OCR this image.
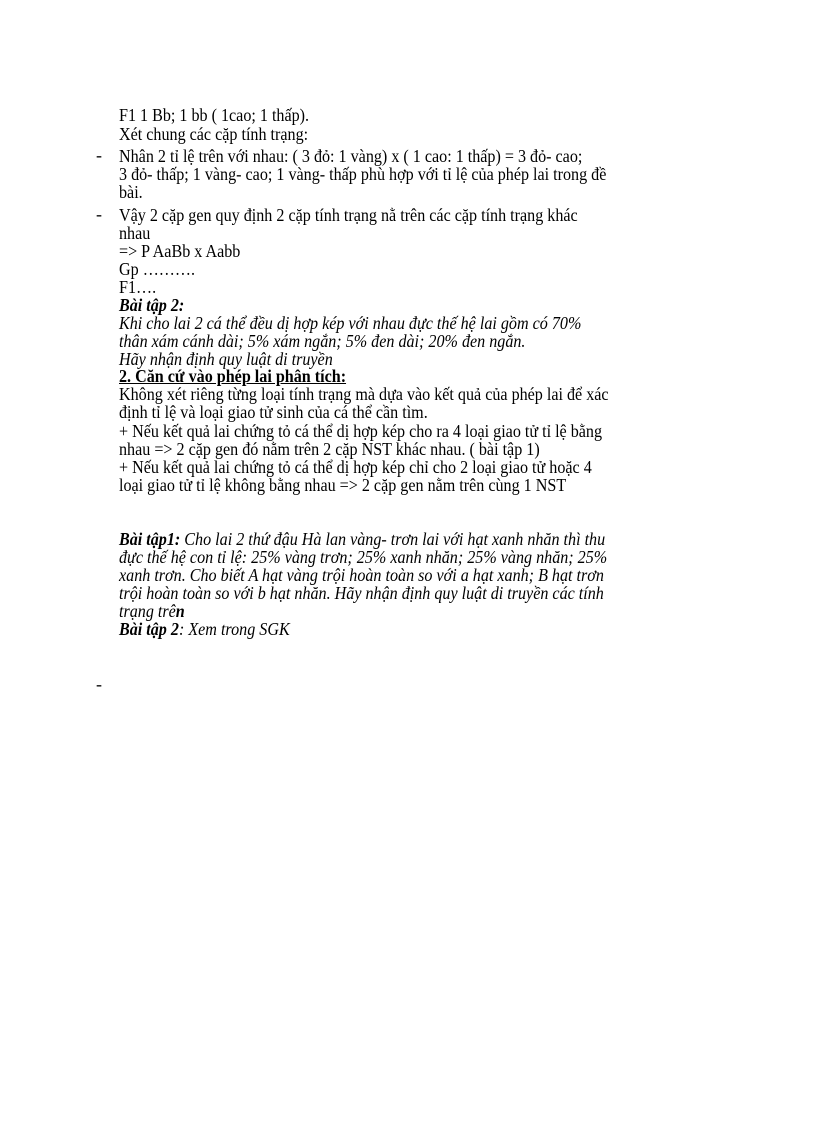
F1 1 Bb; 1 bb ( 1cao; 1 thấp).
Xét chung các cặp tính trạng:
- Nhân 2 tỉ lệ trên với nhau: ( 3 đỏ: 1 vàng) x ( 1 cao: 1 thấp) = 3 đỏ- cao;
3 đỏ- thấp; 1 vàng- cao; 1 vàng- thấp phù hợp với tỉ lệ của phép lai trong đề
bài.
- Vậy 2 cặp gen quy định 2 cặp tính trạng nằ trên các cặp tính trạng khác
nhau
=> P AaBb x Aabb
Gp ……….
F1….
Bài tập 2:
Khi cho lai 2 cá thể đều dị hợp kép với nhau đực thế hệ lai gồm có 70%
thân xám cánh dài; 5% xám ngắn; 5% đen dài; 20% đen ngắn.
Hãy nhận định quy luật di truyền
2. Căn cứ vào phép lai phân tích:
Không xét riêng từng loại tính trạng mà dựa vào kết quả của phép lai để xác
định tỉ lệ và loại giao tử sinh của cá thể cần tìm.
+ Nếu kết quả lai chứng tỏ cá thể dị hợp kép cho ra 4 loại giao tử tỉ lệ bằng
nhau => 2 cặp gen đó nằm trên 2 cặp NST khác nhau. ( bài tập 1)
+ Nếu kết quả lai chứng tỏ cá thể dị hợp kép chỉ cho 2 loại giao tử hoặc 4
loại giao tử tỉ lệ không bằng nhau => 2 cặp gen nằm trên cùng 1 NST
Bài tập1: Cho lai 2 thứ đậu Hà lan vàng- trơn lai với hạt xanh nhăn thì thu
đực thế hệ con tỉ lệ: 25% vàng trơn; 25% xanh nhăn; 25% vàng nhăn; 25%
xanh trơn. Cho biết A hạt vàng trội hoàn toàn so với a hạt xanh; B hạt trơn
trội hoàn toàn so với b hạt nhăn. Hãy nhận định quy luật di truyền các tính
trạng trên
Bài tập 2: Xem trong SGK
-
